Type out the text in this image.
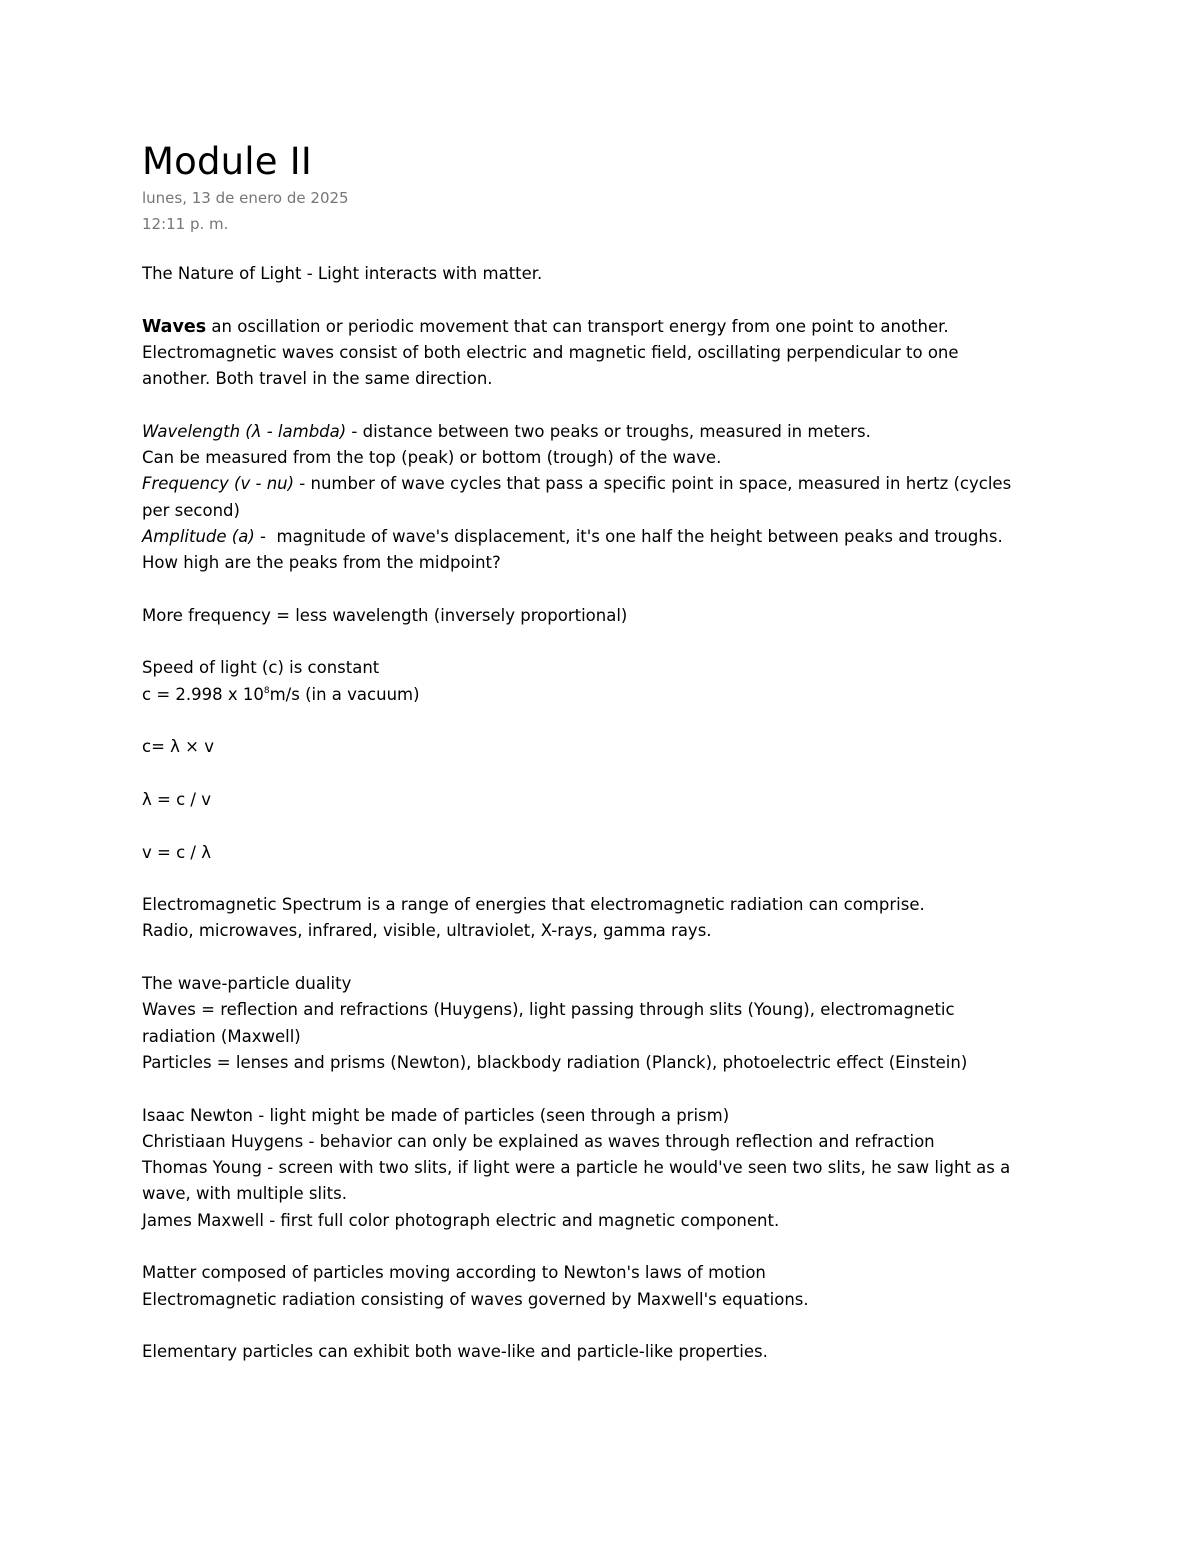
Module II

lunes, 13 de enero de 2025

12:11 p. m.

The Nature of Light - Light interacts with matter.

Waves an oscillation or periodic movement that can transport energy from one point to another.

Electromagnetic waves consist of both electric and magnetic field, oscillating perpendicular to one

another. Both travel in the same direction.

Wavelength (λ - lambda) - distance between two peaks or troughs, measured in meters.

Can be measured from the top (peak) or bottom (trough) of the wave.

Frequency (v - nu) - number of wave cycles that pass a specific point in space, measured in hertz (cycles

per second)

Amplitude (a) -  magnitude of wave's displacement, it's one half the height between peaks and troughs.

How high are the peaks from the midpoint?

More frequency = less wavelength (inversely proportional)

Speed of light (c) is constant

c = 2.998 x $10^8m/s$ (in a vacuum)

c= λ × v

λ = c / v

v = c / λ

Electromagnetic Spectrum is a range of energies that electromagnetic radiation can comprise.

Radio, microwaves, infrared, visible, ultraviolet, X-rays, gamma rays.

The wave-particle duality

Waves = reflection and refractions (Huygens), light passing through slits (Young), electromagnetic

radiation (Maxwell)

Particles = lenses and prisms (Newton), blackbody radiation (Planck), photoelectric effect (Einstein)

Isaac Newton - light might be made of particles (seen through a prism)

Christiaan Huygens - behavior can only be explained as waves through reflection and refraction

Thomas Young - screen with two slits, if light were a particle he would've seen two slits, he saw light as a

wave, with multiple slits.

James Maxwell - first full color photograph electric and magnetic component.

Matter composed of particles moving according to Newton's laws of motion

Electromagnetic radiation consisting of waves governed by Maxwell's equations.

Elementary particles can exhibit both wave-like and particle-like properties.
